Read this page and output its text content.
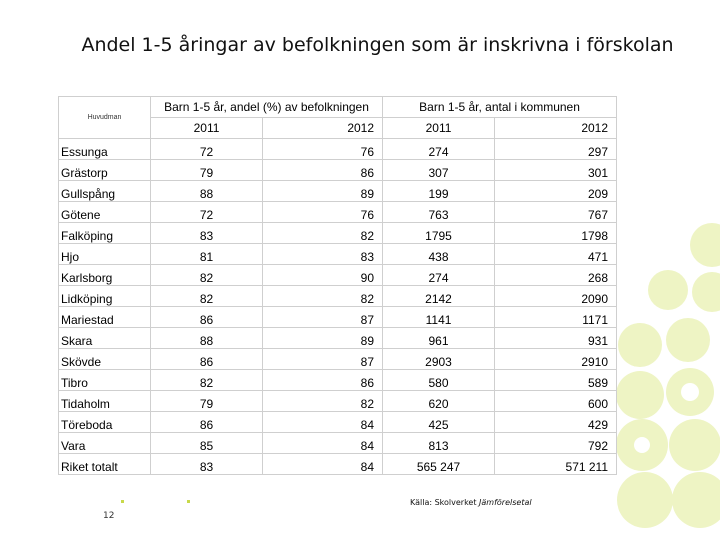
Andel 1-5 åringar av befolkningen som är inskrivna i förskolan
Huvudman	Barn 1-5 år, andel (%) av befolkningen		Barn 1-5 år, antal i kommunen	
	2011	2012	2011	2012
Essunga	72	76	274	297
Grästorp	79	86	307	301
Gullspång	88	89	199	209
Götene	72	76	763	767
Falköping	83	82	1795	1798
Hjo	81	83	438	471
Karlsborg	82	90	274	268
Lidköping	82	82	2142	2090
Mariestad	86	87	1141	1171
Skara	88	89	961	931
Skövde	86	87	2903	2910
Tibro	82	86	580	589
Tidaholm	79	82	620	600
Töreboda	86	84	425	429
Vara	85	84	813	792
Riket totalt	83	84	565 247	571 211
12
Källa: Skolverket Jämförelsetal
